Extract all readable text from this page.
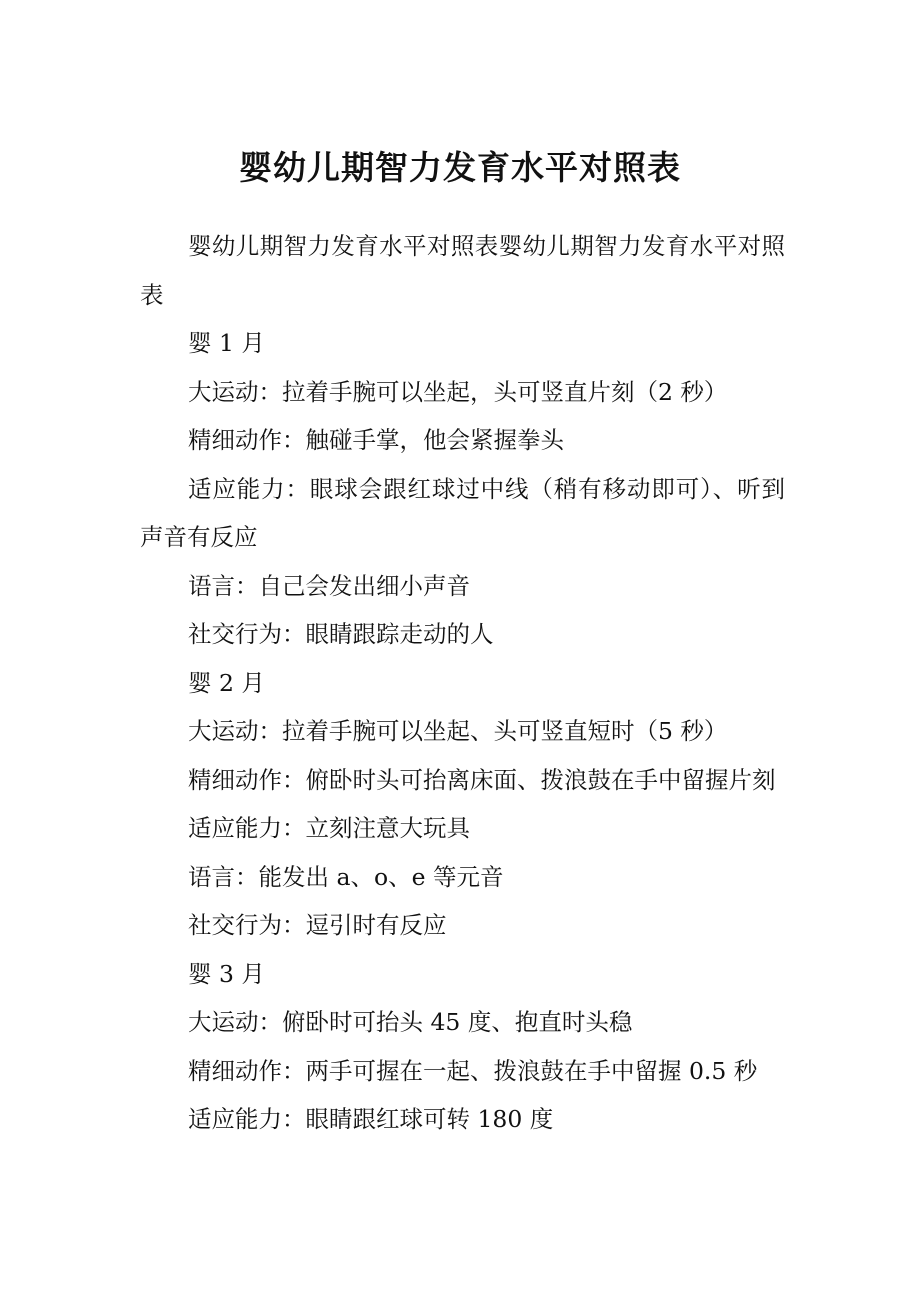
婴幼儿期智力发育水平对照表

婴幼儿期智力发育水平对照表婴幼儿期智力发育水平对照表

婴 1 月

大运动：拉着手腕可以坐起，头可竖直片刻（2 秒）

精细动作：触碰手掌，他会紧握拳头

适应能力：眼球会跟红球过中线（稍有移动即可）、听到声音有反应

语言：自己会发出细小声音

社交行为：眼睛跟踪走动的人

婴 2 月

大运动：拉着手腕可以坐起、头可竖直短时（5 秒）

精细动作：俯卧时头可抬离床面、拨浪鼓在手中留握片刻

适应能力：立刻注意大玩具

语言：能发出 a、o、e 等元音

社交行为：逗引时有反应

婴 3 月

大运动：俯卧时可抬头 45 度、抱直时头稳

精细动作：两手可握在一起、拨浪鼓在手中留握 0.5 秒

适应能力：眼睛跟红球可转 180 度
